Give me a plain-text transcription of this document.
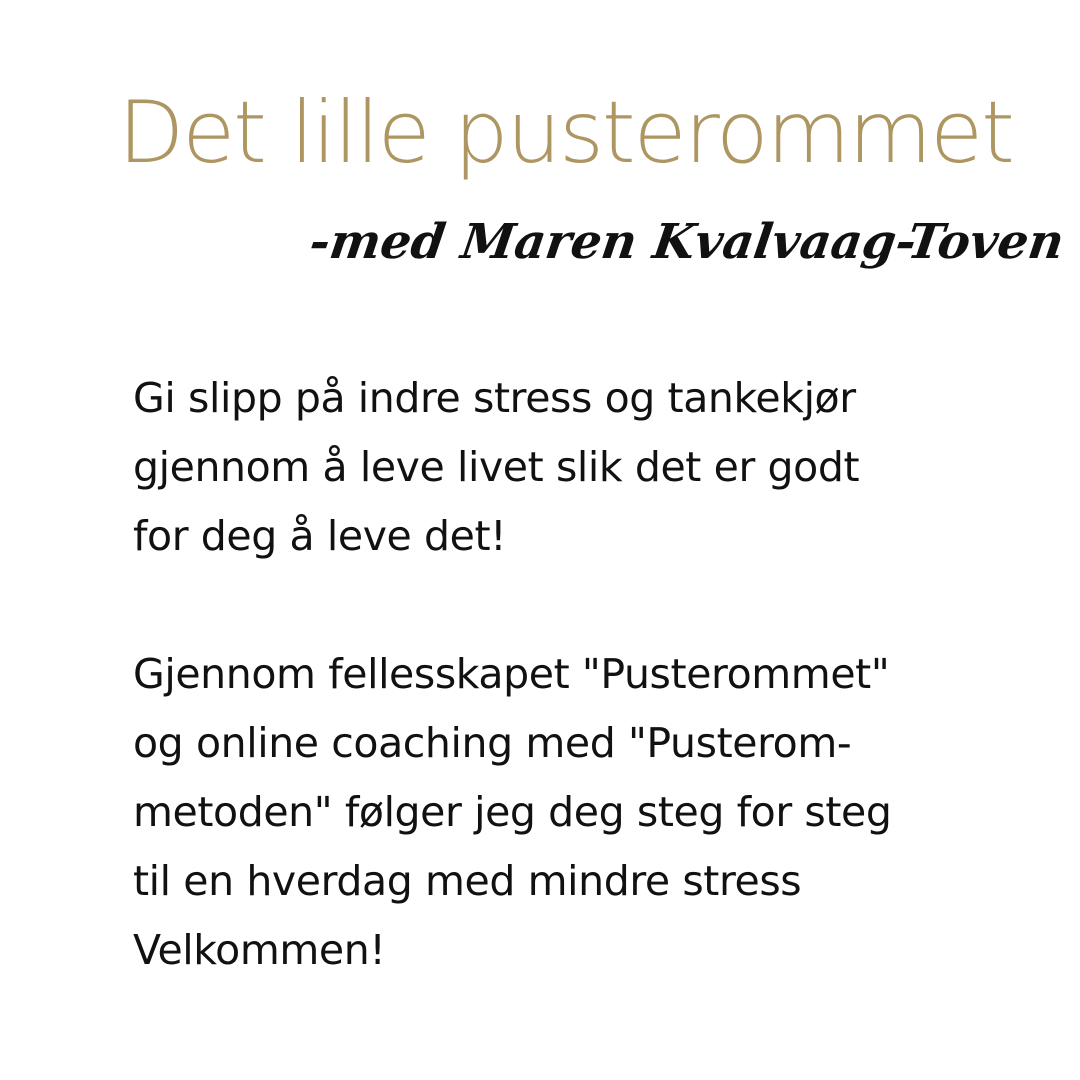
Det lille pusterommet
-med Maren Kvalvaag-Toven

Gi slipp på indre stress og tankekjør
gjennom å leve livet slik det er godt
for deg å leve det!

Gjennom fellesskapet "Pusterommet"
og online coaching med "Pusterom-
metoden" følger jeg deg steg for steg
til en hverdag med mindre stress
Velkommen!
